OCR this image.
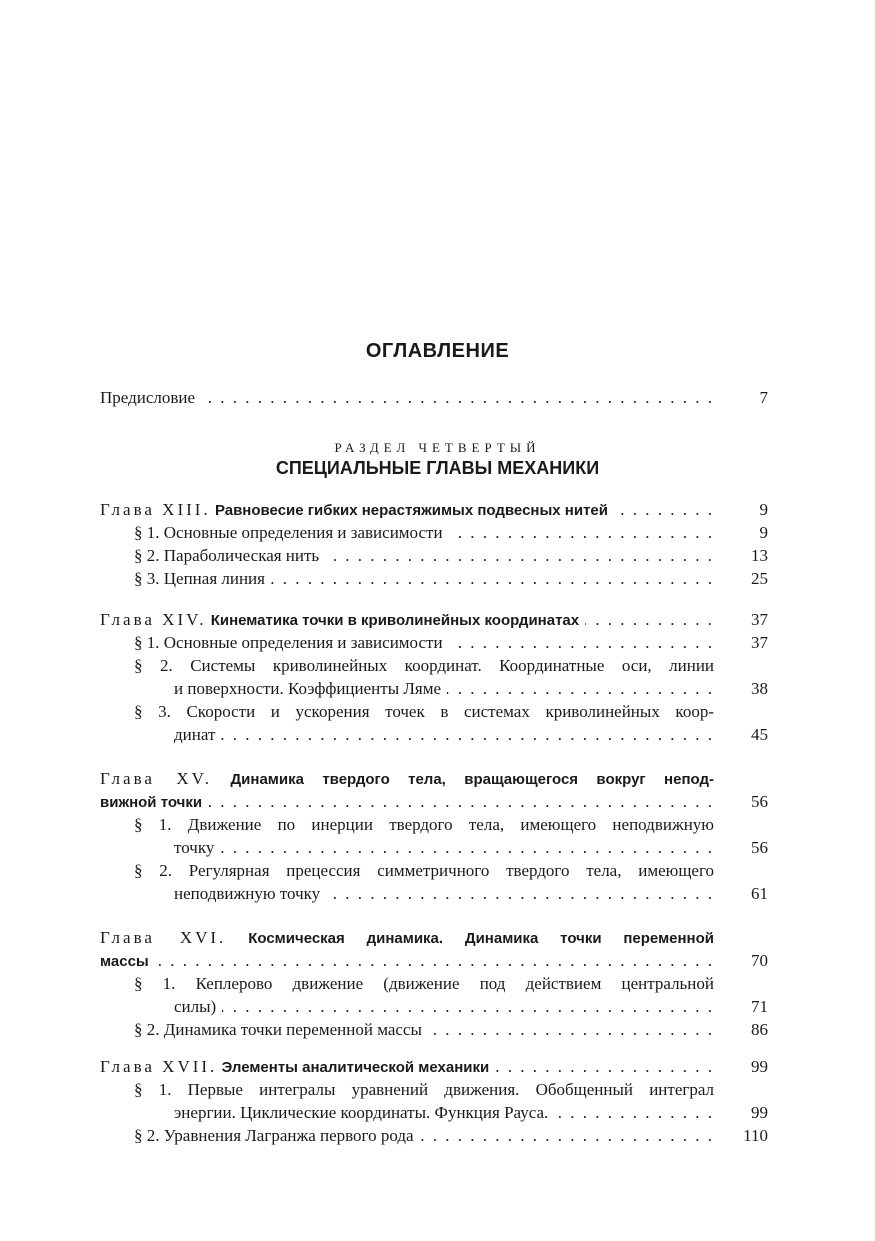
ОГЛАВЛЕНИЕ
. . .
Предисловие	7
РАЗДЕЛ ЧЕТВЕРТЫЙ
СПЕЦИАЛЬНЫЕ ГЛАВЫ МЕХАНИКИ
. . .
Глава XIII. Равновесие гибких нерастяжимых подвесных нитей	9
. . .
§ 1. Основные определения и зависимости	9
. . .
§ 2. Параболическая нить	13
. . .
§ 3. Цепная линия	25
. . .
Глава XIV. Кинематика точки в криволинейных координатах	37
. . .
§ 1. Основные определения и зависимости	37
§ 2. Системы криволинейных координат. Координатные оси, линии
. . .
и поверхности. Коэффициенты Ляме	38
§ 3. Скорости и ускорения точек в системах криволинейных коор-
. . .
динат	45
Глава XV. Динамика твердого тела, вращающегося вокруг непод-
. . .
вижной точки	56
§ 1. Движение по инерции твердого тела, имеющего неподвижную
. . .
точку	56
§ 2. Регулярная прецессия симметричного твердого тела, имеющего
. . .
неподвижную точку	61
Глава XVI. Космическая динамика. Динамика точки переменной
. . .
массы	70
§ 1. Кеплерово движение (движение под действием центральной
. . .
силы)	71
. . .
§ 2. Динамика точки переменной массы	86
. . .
Глава XVII. Элементы аналитической механики	99
§ 1. Первые интегралы уравнений движения. Обобщенный интеграл
. . .
энергии. Циклические координаты. Функция Рауса.	99
. . .
§ 2. Уравнения Лагранжа первого рода	110
